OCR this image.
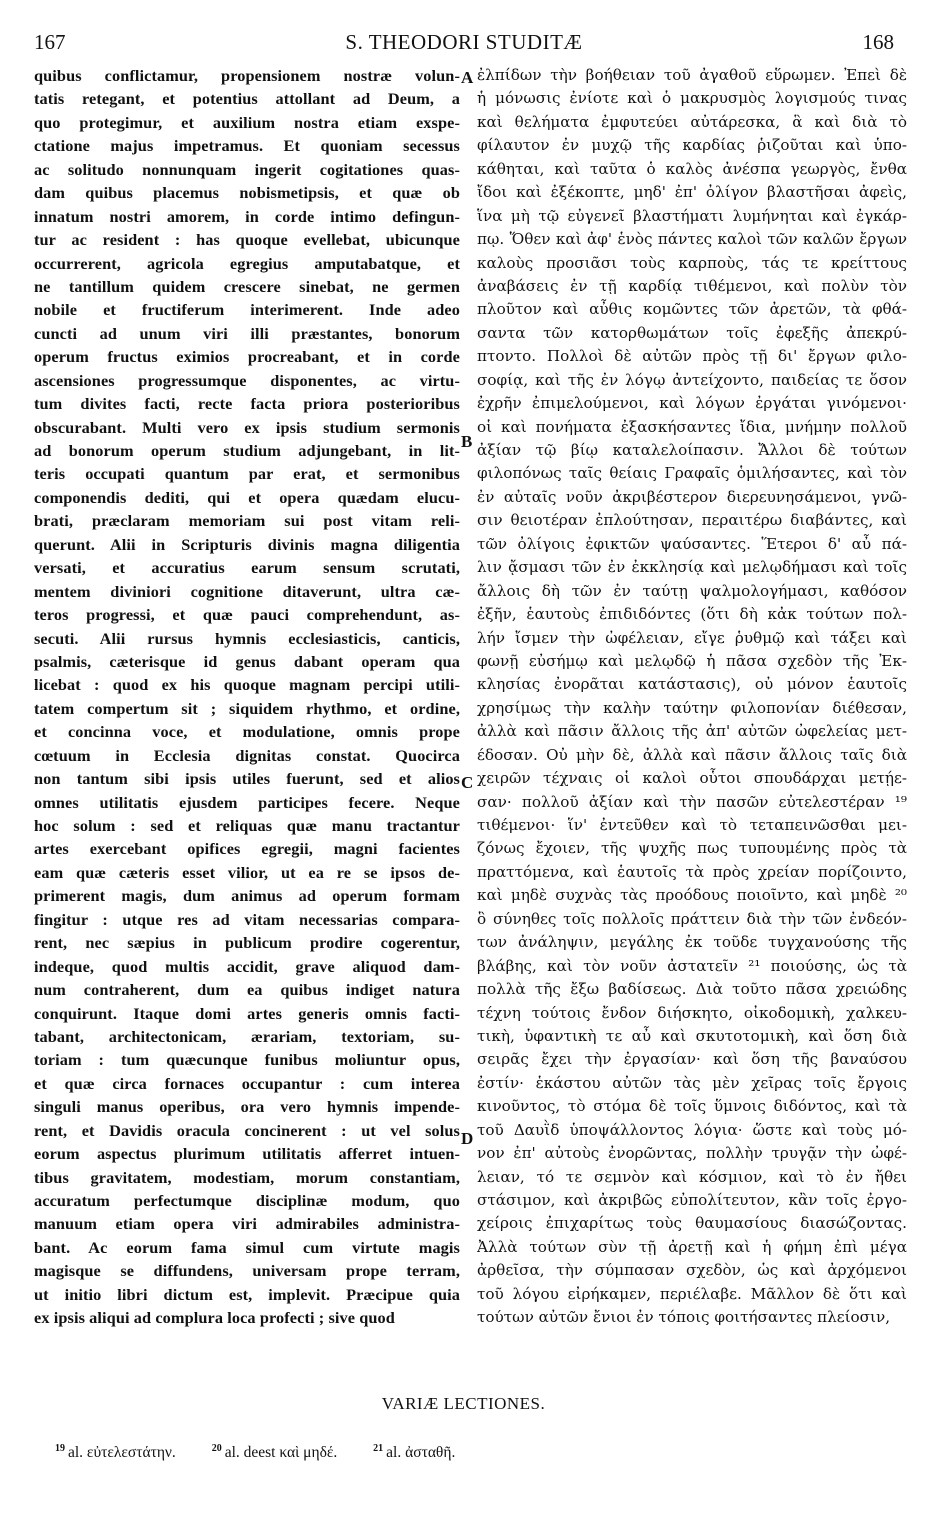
167	S. THEODORI STUDITÆ	168
quibus conflictamur, propensionem nostræ volun-
tatis retegant, et potentius attollant ad Deum, a
quo protegimur, et auxilium nostra etiam exspe-
ctatione majus impetramus. Et quoniam secessus
ac solitudo nonnunquam ingerit cogitationes quas-
dam quibus placemus nobismetipsis, et quæ ob
innatum nostri amorem, in corde intimo defingun-
tur ac resident : has quoque evellebat, ubicunque
occurrerent, agricola egregius amputabatque, et
ne tantillum quidem crescere sinebat, ne germen
nobile et fructiferum interimerent. Inde adeo
cuncti ad unum viri illi præstantes, bonorum
operum fructus eximios procreabant, et in corde
ascensiones progressumque disponentes, ac virtu-
tum divites facti, recte facta priora posterioribus
obscurabant. Multi vero ex ipsis studium sermonis
ad bonorum operum studium adjungebant, in lit-
teris occupati quantum par erat, et sermonibus
componendis dediti, qui et opera quædam elucu-
brati, præclaram memoriam sui post vitam reli-
querunt. Alii in Scripturis divinis magna diligentia
versati, et accuratius earum sensum scrutati,
mentem diviniori cognitione ditaverunt, ultra cæ-
teros progressi, et quæ pauci comprehendunt, as-
secuti. Alii rursus hymnis ecclesiasticis, canticis,
psalmis, cæterisque id genus dabant operam qua
licebat : quod ex his quoque magnam percipi utili-
tatem compertum sit ; siquidem rhythmo, et ordine,
et concinna voce, et modulatione, omnis prope
cœtuum in Ecclesia dignitas constat. Quocirca
non tantum sibi ipsis utiles fuerunt, sed et alios
omnes utilitatis ejusdem participes fecere. Neque
hoc solum : sed et reliquas quæ manu tractantur
artes exercebant opifices egregii, magni facientes
eam quæ cæteris esset vilior, ut ea re se ipsos de-
primerent magis, dum animus ad operum formam
fingitur : utque res ad vitam necessarias compara-
rent, nec sæpius in publicum prodire cogerentur,
indeque, quod multis accidit, grave aliquod dam-
num contraherent, dum ea quibus indiget natura
conquirunt. Itaque domi artes generis omnis facti-
tabant, architectonicam, ærariam, textoriam, su-
toriam : tum quæcunque funibus moliuntur opus,
et quæ circa fornaces occupantur : cum interea
singuli manus operibus, ora vero hymnis impende-
rent, et Davidis oracula concinerent : ut vel solus
eorum aspectus plurimum utilitatis afferret intuen-
tibus gravitatem, modestiam, morum constantiam,
accuratum perfectumque disciplinæ modum, quo
manuum etiam opera viri admirabiles administra-
bant. Ac eorum fama simul cum virtute magis
magisque se diffundens, universam prope terram,
ut initio libri dictum est, implevit. Præcipue quia
ex ipsis aliqui ad complura loca profecti ; sive quod
ἐλπίδων τὴν βοήθειαν τοῦ ἀγαθοῦ εὕρωμεν. Ἐπεὶ δὲ
ἡ μόνωσις ἐνίοτε καὶ ὁ μακρυσμὸς λογισμούς τινας
καὶ θελήματα ἐμφυτεύει αὐτάρεσκα, ἃ καὶ διὰ τὸ
φίλαυτον ἐν μυχῷ τῆς καρδίας ῥιζοῦται καὶ ὑπο-
κάθηται, καὶ ταῦτα ὁ καλὸς ἀνέσπα γεωργὸς, ἔνθα
ἴδοι καὶ ἐξέκοπτε, μηδ' ἐπ' ὀλίγον βλαστῆσαι ἀφεὶς,
ἵνα μὴ τῷ εὐγενεῖ βλαστήματι λυμήνηται καὶ ἐγκάρ-
πῳ. Ὅθεν καὶ ἀφ' ἑνὸς πάντες καλοὶ τῶν καλῶν ἔργων
καλοὺς προσιᾶσι τοὺς καρποὺς, τάς τε κρείττους
ἀναβάσεις ἐν τῇ καρδίᾳ τιθέμενοι, καὶ πολὺν τὸν
πλοῦτον καὶ αὖθις κομῶντες τῶν ἀρετῶν, τὰ φθά-
σαντα τῶν κατορθωμάτων τοῖς ἐφεξῆς ἀπεκρύ-
πτοντο. Πολλοὶ δὲ αὐτῶν πρὸς τῇ δι' ἔργων φιλο-
σοφίᾳ, καὶ τῆς ἐν λόγῳ ἀντείχοντο, παιδείας τε ὅσον
ἐχρῆν ἐπιμελούμενοι, καὶ λόγων ἐργάται γινόμενοι·
οἱ καὶ πονήματα ἐξασκήσαντες ἴδια, μνήμην πολλοῦ
ἀξίαν τῷ βίῳ καταλελοίπασιν. Ἄλλοι δὲ τούτων
φιλοπόνως ταῖς θείαις Γραφαῖς ὁμιλήσαντες, καὶ τὸν
ἐν αὐταῖς νοῦν ἀκριβέστερον διερευνησάμενοι, γνῶ-
σιν θειοτέραν ἐπλούτησαν, περαιτέρω διαβάντες, καὶ
τῶν ὀλίγοις ἐφικτῶν ψαύσαντες. Ἕτεροι δ' αὖ πά-
λιν ᾄσμασι τῶν ἐν ἐκκλησίᾳ καὶ μελῳδήμασι καὶ τοῖς
ἄλλοις δὴ τῶν ἐν ταύτῃ ψαλμολογήμασι, καθόσον
ἐξῆν, ἑαυτοὺς ἐπιδιδόντες (ὅτι δὴ κἀκ τούτων πολ-
λήν ἴσμεν τὴν ὠφέλειαν, εἴγε ῥυθμῷ καὶ τάξει καὶ
φωνῇ εὐσήμῳ καὶ μελῳδῷ ἡ πᾶσα σχεδὸν τῆς Ἐκ-
κλησίας ἐνορᾶται κατάστασις), οὐ μόνον ἑαυτοῖς
χρησίμως τὴν καλὴν ταύτην φιλοπονίαν διέθεσαν,
ἀλλὰ καὶ πᾶσιν ἄλλοις τῆς ἀπ' αὐτῶν ὠφελείας μετ-
έδοσαν. Οὐ μὴν δὲ, ἀλλὰ καὶ πᾶσιν ἄλλοις ταῖς διὰ
χειρῶν τέχναις οἱ καλοὶ οὗτοι σπουδάρχαι μετῄε-
σαν· πολλοῦ ἀξίαν καὶ τὴν πασῶν εὐτελεστέραν ¹⁹
τιθέμενοι· ἵν' ἐντεῦθεν καὶ τὸ τεταπεινῶσθαι μει-
ζόνως ἔχοιεν, τῆς ψυχῆς πως τυπουμένης πρὸς τὰ
πραττόμενα, καὶ ἑαυτοῖς τὰ πρὸς χρείαν πορίζοιντο,
καὶ μηδὲ συχνὰς τὰς προόδους ποιοῖντο, καὶ μηδὲ ²⁰
ὃ σύνηθες τοῖς πολλοῖς πράττειν διὰ τὴν τῶν ἐνδεόν-
των ἀνάληψιν, μεγάλης ἐκ τοῦδε τυγχανούσης τῆς
βλάβης, καὶ τὸν νοῦν ἀστατεῖν ²¹ ποιούσης, ὡς τὰ
πολλὰ τῆς ἔξω βαδίσεως. Διὰ τοῦτο πᾶσα χρειώδης
τέχνη τούτοις ἔνδον διήσκητο, οἰκοδομικὴ, χαλκευ-
τικὴ, ὑφαντικὴ τε αὖ καὶ σκυτοτομικὴ, καὶ ὅση διὰ
σειρᾶς ἔχει τὴν ἐργασίαν· καὶ ὅση τῆς βαναύσου
ἐστίν· ἑκάστου αὐτῶν τὰς μὲν χεῖρας τοῖς ἔργοις
κινοῦντος, τὸ στόμα δὲ τοῖς ὕμνοις διδόντος, καὶ τὰ
τοῦ Δαυῒδ ὑποψάλλοντος λόγια· ὥστε καὶ τοὺς μό-
νον ἐπ' αὐτοὺς ἐνορῶντας, πολλὴν τρυγᾷν τὴν ὠφέ-
λειαν, τό τε σεμνὸν καὶ κόσμιον, καὶ τὸ ἐν ἤθει
στάσιμον, καὶ ἀκριβῶς εὐπολίτευτον, κἂν τοῖς ἐργο-
χείροις ἐπιχαρίτως τοὺς θαυμασίους διασώζοντας.
Ἀλλὰ τούτων σὺν τῇ ἀρετῇ καὶ ἡ φήμη ἐπὶ μέγα
ἀρθεῖσα, τὴν σύμπασαν σχεδὸν, ὡς καὶ ἀρχόμενοι
τοῦ λόγου εἰρήκαμεν, περιέλαβε. Μᾶλλον δὲ ὅτι καὶ
τούτων αὐτῶν ἔνιοι ἐν τόποις φοιτήσαντες πλείοσιν,
A
B
C
D
VARIÆ LECTIONES.
$^{19}$ al. εὐτελεστάτην.	$^{20}$ al. deest καὶ μηδέ.	$^{21}$ al. ἀσταθῆ.
